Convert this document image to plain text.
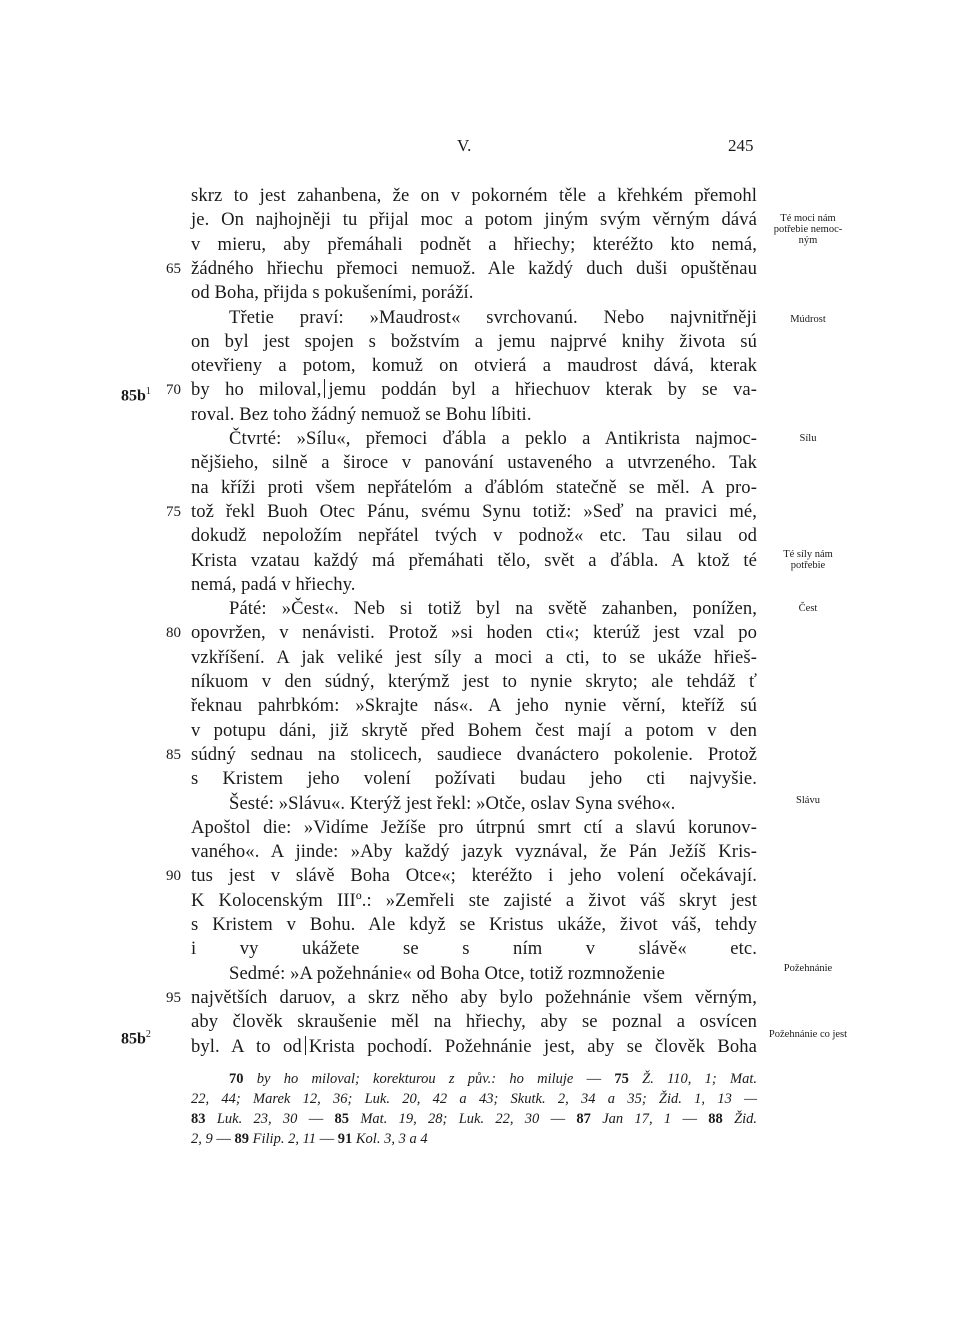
V.	245
skrz to jest zahanbena, že on v pokorném těle a křehkém přemohl
je. On najhojněji tu přijal moc a potom jiným svým věrným dává
v mieru, aby přemáhali podnět a hřiechy; kteréžto kto nemá,
žádného hřiechu přemoci nemuož. Ale každý duch duši opuštěnau
65
od Boha, přijda s pokušeními, poráží.
Třetie praví: »Maudrost« svrchovanú. Nebo najvnitřněji
on byl jest spojen s božstvím a jemu najprvé knihy života sú
otevřieny a potom, komuž on otvierá a maudrost dává, kterak
by ho miloval, jemu poddán byl a hřiechuov kterak by se va-
70
roval. Bez toho žádný nemuož se Bohu líbiti.
Čtvrté: »Sílu«, přemoci ďábla a peklo a Antikrista najmoc-
nějšieho, silně a široce v panování ustaveného a utvrzeného. Tak
na kříži proti všem nepřátelóm a ďáblóm statečně se měl. A pro-
tož řekl Buoh Otec Pánu, svému Synu totiž: »Seď na pravici mé,
75
dokudž nepoložím nepřátel tvých v podnož« etc. Tau silau od
Krista vzatau každý má přemáhati tělo, svět a ďábla. A ktož té
nemá, padá v hřiechy.
Páté: »Čest«. Neb si totiž byl na světě zahanben, ponížen,
opovržen, v nenávisti. Protož »si hoden cti«; kterúž jest vzal po
80
vzkříšení. A jak veliké jest síly a moci a cti, to se ukáže hřieš-
níkuom v den súdný, kterýmž jest to nynie skryto; ale tehdáž ť
řeknau pahrbkóm: »Skrajte nás«. A jeho nynie věrní, kteříž sú
v potupu dáni, již skrytě před Bohem čest mají a potom v den
súdný sednau na stolicech, saudiece dvanáctero pokolenie. Protož
85
s Kristem jeho volení požívati budau jeho cti najvyšie.
Šesté: »Slávu«. Kterýž jest řekl: »Otče, oslav Syna svého«.
Apoštol die: »Vidíme Ježíše pro útrpnú smrt ctí a slavú korunov-
vaného«. A jinde: »Aby každý jazyk vyznával, že Pán Ježíš Kris-
tus jest v slávě Boha Otce«; kteréžto i jeho volení očekávají.
90
K Kolocenským IIIº.: »Zemřeli ste zajisté a život váš skryt jest
s Kristem v Bohu. Ale když se Kristus ukáže, život váš, tehdy
i vy ukážete se s ním v slávě« etc.
Sedmé: »A požehnánie« od Boha Otce, totiž rozmnoženie
najvětších daruov, a skrz něho aby bylo požehnánie všem věrným,
95
aby člověk skraušenie měl na hřiechy, aby se poznal a osvícen
byl. A to od Krista pochodí. Požehnánie jest, aby se člověk Boha
$85b^1$
$85b^2$
Té moci nám potřebie nemoc-ným
Múdrost
Sílu
Té síly nám potřebie
Čest
Slávu
Požehnánie
Požehnánie co jest
70 by ho miloval; korekturou z pův.: ho miluje — 75 Ž. 110, 1; Mat.
22, 44; Marek 12, 36; Luk. 20, 42 a 43; Skutk. 2, 34 a 35; Žid. 1, 13 —
83 Luk. 23, 30 — 85 Mat. 19, 28; Luk. 22, 30 — 87 Jan 17, 1 — 88 Žid.
2, 9 — 89 Filip. 2, 11 — 91 Kol. 3, 3 a 4
